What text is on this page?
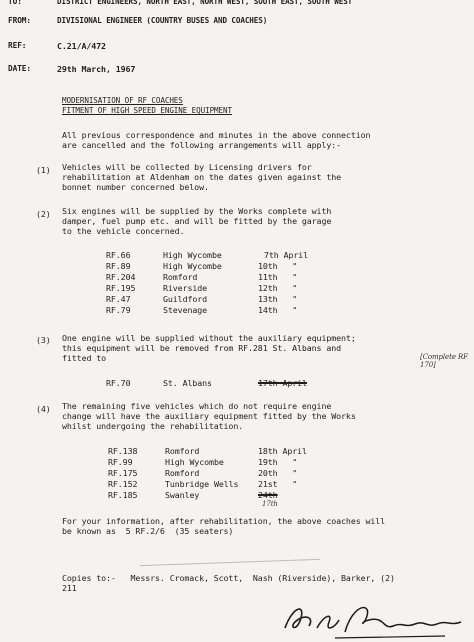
TO:	DISTRICT ENGINEERS, NORTH EAST, NORTH WEST, SOUTH EAST, SOUTH WEST
FROM:	DIVISIONAL ENGINEER (COUNTRY BUSES AND COACHES)
REF:	C.21/A/472
DATE:	29th March, 1967
MODERNISATION OF RF COACHES
FITMENT OF HIGH SPEED ENGINE EQUIPMENT
All previous correspondence and minutes in the above connection
are cancelled and the following arrangements will apply:-
(1) Vehicles will be collected by Licensing drivers for
rehabilitation at Aldenham on the dates given against the
bonnet number concerned below.
(2) Six engines will be supplied by the Works complete with
damper, fuel pump etc. and will be fitted by the garage
to the vehicle concerned.
RF.66	High Wycombe	7th April
RF.89	High Wycombe	10th   "
RF.204	Romford	11th   "
RF.195	Riverside	12th   "
RF.47	Guildford	13th   "
RF.79	Stevenage	14th   "
(3) One engine will be supplied without the auxiliary equipment;
this equipment will be removed from RF.281 St. Albans and
fitted to	[Complete RF 170]
RF.70	St. Albans	17th April
(4) The remaining five vehicles which do not require engine
change will have the auxiliary equipment fitted by the Works
whilst undergoing the rehabilitation.
RF.138	Romford	18th April
RF.99	High Wycombe	19th   "
RF.175	Romford	20th   "
RF.152	Tunbridge Wells 21st   "
RF.185	Swanley	24th
17th
For your information, after rehabilitation, the above coaches will
be known as  5 RF.2/6  (35 seaters)
Copies to:-   Messrs. Cromack, Scott,  Nash (Riverside), Barker, (2)
211
